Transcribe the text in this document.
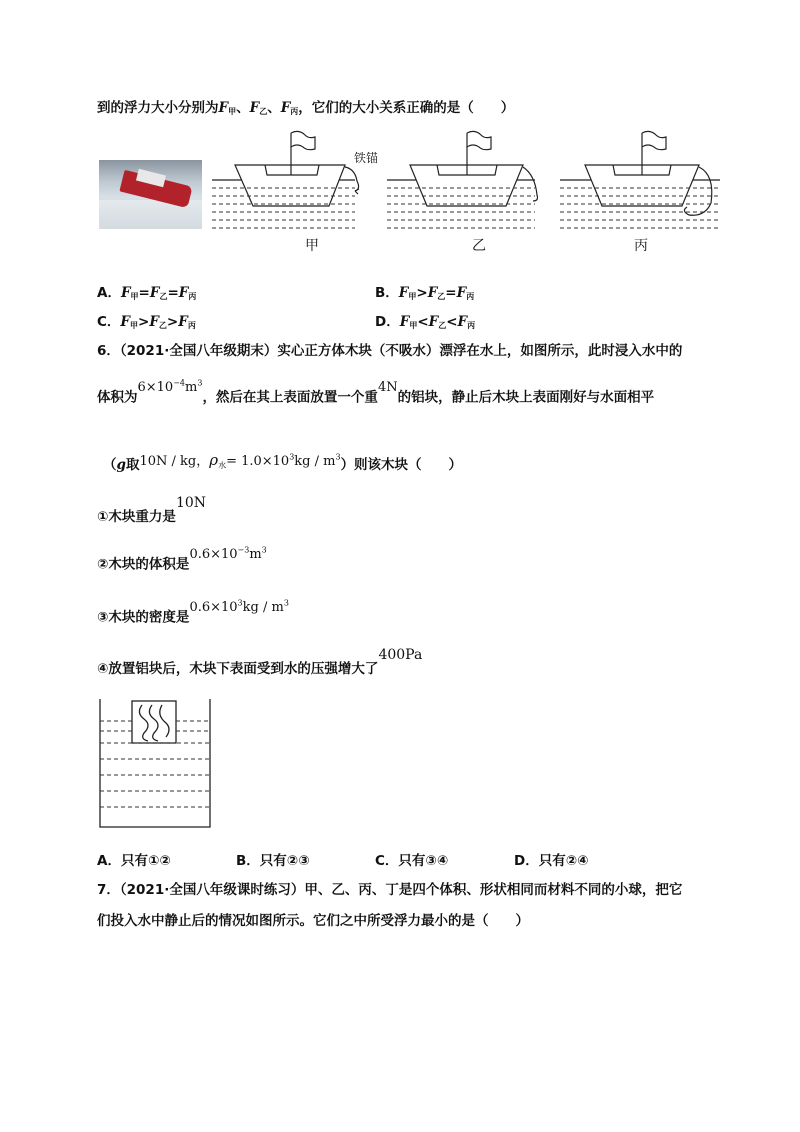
到的浮力大小分别为F甲、F乙、F丙，它们的大小关系正确的是（　　）
铁锚
甲	乙	丙
A．F甲=F乙=F丙	B．F甲>F乙=F丙
C．F甲>F乙>F丙	D．F甲<F乙<F丙
6．（2021·全国八年级期末）实心正方体木块（不吸水）漂浮在水上，如图所示，此时浸入水中的
体积为$6\times 10^{-4}m^3$，然后在其上表面放置一个重4N的铝块，静止后木块上表面刚好与水面相平
（g取10N / kg，ρ水= $1.0\times 10^3kg / m^3$）则该木块（　　）
①木块重力是10N
②木块的体积是$0.6\times 10^{-3}m^3$
③木块的密度是$0.6\times 10^3kg / m^3$
④放置铝块后，木块下表面受到水的压强增大了400Pa
A．只有①②	B．只有②③	C．只有③④	D．只有②④
7．（2021·全国八年级课时练习）甲、乙、丙、丁是四个体积、形状相同而材料不同的小球，把它
们投入水中静止后的情况如图所示。它们之中所受浮力最小的是（　　）
